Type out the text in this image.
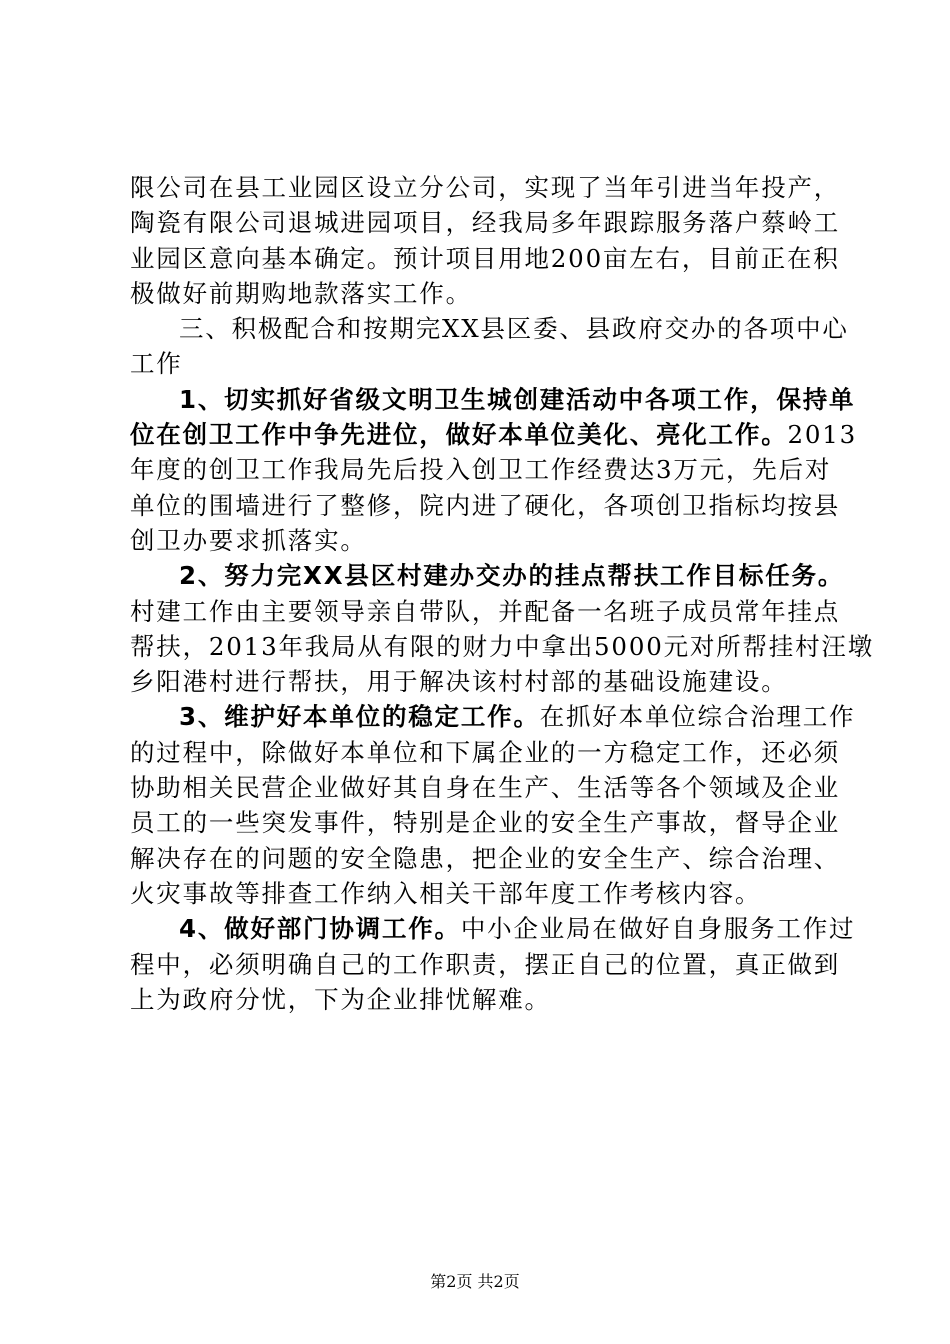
限公司在县工业园区设立分公司，实现了当年引进当年投产，
陶瓷有限公司退城进园项目，经我局多年跟踪服务落户蔡岭工
业园区意向基本确定。预计项目用地200亩左右，目前正在积
极做好前期购地款落实工作。
三、积极配合和按期完XX县区委、县政府交办的各项中心
工作
1、切实抓好省级文明卫生城创建活动中各项工作，保持单
位在创卫工作中争先进位，做好本单位美化、亮化工作。2013
年度的创卫工作我局先后投入创卫工作经费达3万元，先后对
单位的围墙进行了整修，院内进了硬化，各项创卫指标均按县
创卫办要求抓落实。
2、努力完XX县区村建办交办的挂点帮扶工作目标任务。
村建工作由主要领导亲自带队，并配备一名班子成员常年挂点
帮扶，2013年我局从有限的财力中拿出5000元对所帮挂村汪墩
乡阳港村进行帮扶，用于解决该村村部的基础设施建设。
3、维护好本单位的稳定工作。在抓好本单位综合治理工作
的过程中，除做好本单位和下属企业的一方稳定工作，还必须
协助相关民营企业做好其自身在生产、生活等各个领域及企业
员工的一些突发事件，特别是企业的安全生产事故，督导企业
解决存在的问题的安全隐患，把企业的安全生产、综合治理、
火灾事故等排查工作纳入相关干部年度工作考核内容。
4、做好部门协调工作。中小企业局在做好自身服务工作过
程中，必须明确自己的工作职责，摆正自己的位置，真正做到
上为政府分忧，下为企业排忧解难。
第2页 共2页
